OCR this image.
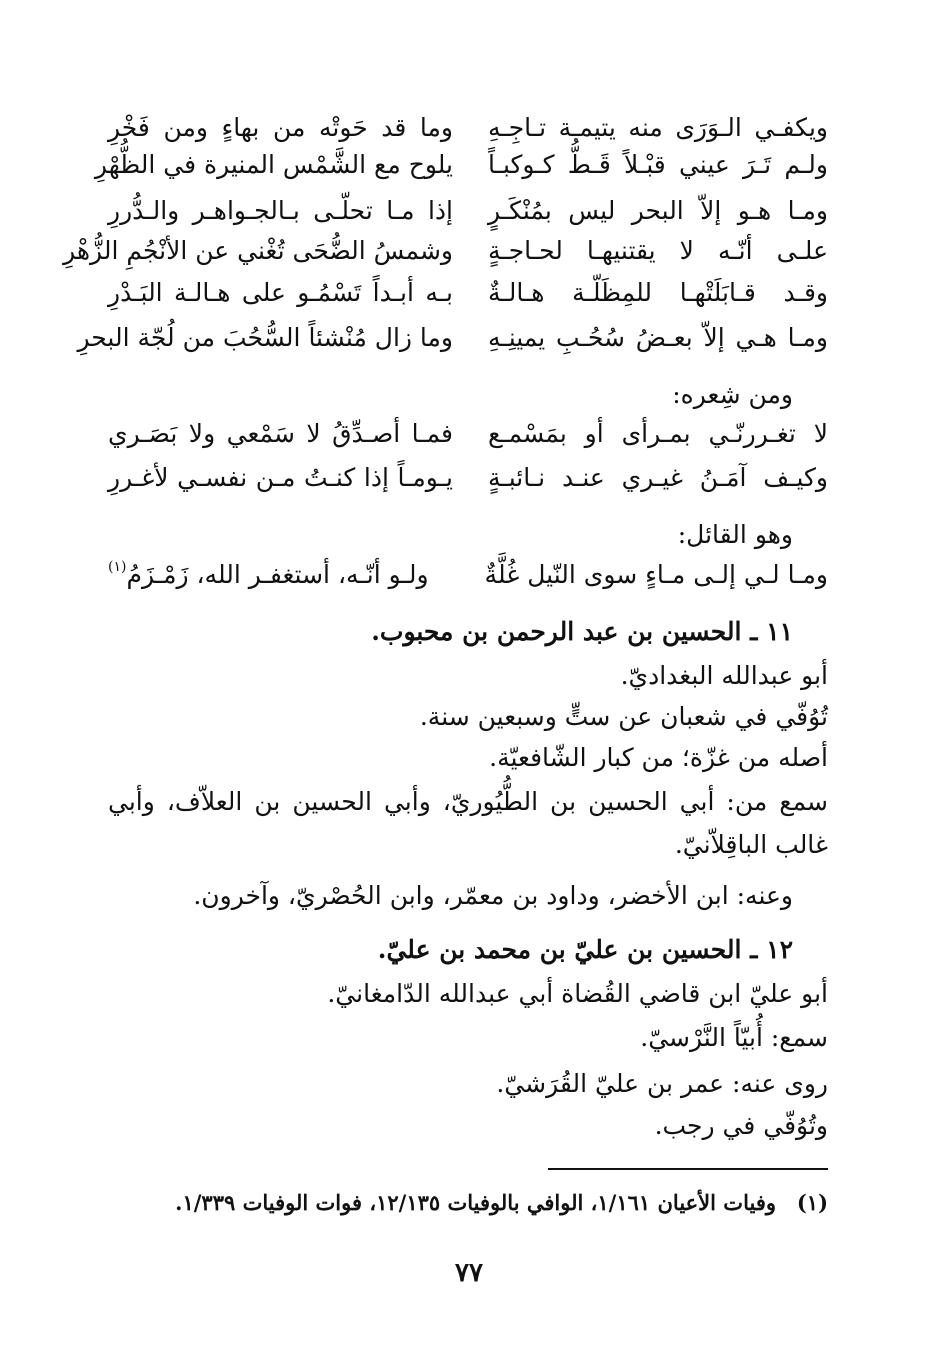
ويكفـي الـوَرَى منه يتيمـة تـاجِـهِ
وما قد حَوتْه من بهاءٍ ومن فَخْرِ
ولـم تَـرَ عيني قبْـلاً قَـطُّ كـوكبـاً
يلوح مع الشَّمْس المنيرة في الظُّهْرِ
ومـا هـو إلاّ البحر ليس بمُنْكَـرٍ
إذا مـا تحلّـى بـالجـواهـر والـدُّررِ
علـى أنّـه لا يقتنيهـا لحـاجـةٍ
وشمسُ الضُّحَى تُغْني عن الأنْجُمِ الزُّهْرِ
وقـد قـابَلَتْهـا للمِظَلّـة هـالـةٌ
بـه أبـداً تَسْمُـو على هـالـة البَـدْرِ
ومـا هـي إلاّ بعـضُ سُحُـبِ يمينِـهِ
وما زال مُنْشئاً السُّحُبَ من لُجّة البحرِ
ومن شِعره:
لا تغـررنّـي بمـرأى أو بمَسْمـع
فمـا أصـدِّقُ لا سَمْعي ولا بَصَـري
وكيـف آمَـنُ غيـري عنـد نـائبـةٍ
يـومـاً إذا كنـتُ مـن نفسـي لأغـررِ
وهو القائل:
ومـا لـي إلـى مـاءٍ سوى النّيل غُلَّةٌ
ولـو أنّـه، أستغفـر الله، زَمْـزَمُ$^{(١)}$
١١ ـ الحسين بن عبد الرحمن بن محبوب.
أبو عبدالله البغداديّ.
تُوُفّي في شعبان عن ستٍّ وسبعين سنة.
أصله من غزّة؛ من كبار الشّافعيّة.
سمع من: أبي الحسين بن الطُّيُوريّ، وأبي الحسين بن العلاّف، وأبي
غالب الباقِلاّنيّ.
وعنه: ابن الأخضر، وداود بن معمّر، وابن الحُصْريّ، وآخرون.
١٢ ـ الحسين بن عليّ بن محمد بن عليّ.
أبو عليّ ابن قاضي القُضاة أبي عبدالله الدّامغانيّ.
سمع: أُبيّاً النَّرْسيّ.
روى عنه: عمر بن عليّ القُرَشيّ.
وتُوُفّي في رجب.
(١)وفيات الأعيان ١/١٦١، الوافي بالوفيات ١٢/١٣٥، فوات الوفيات ١/٣٣٩.
٧٧
